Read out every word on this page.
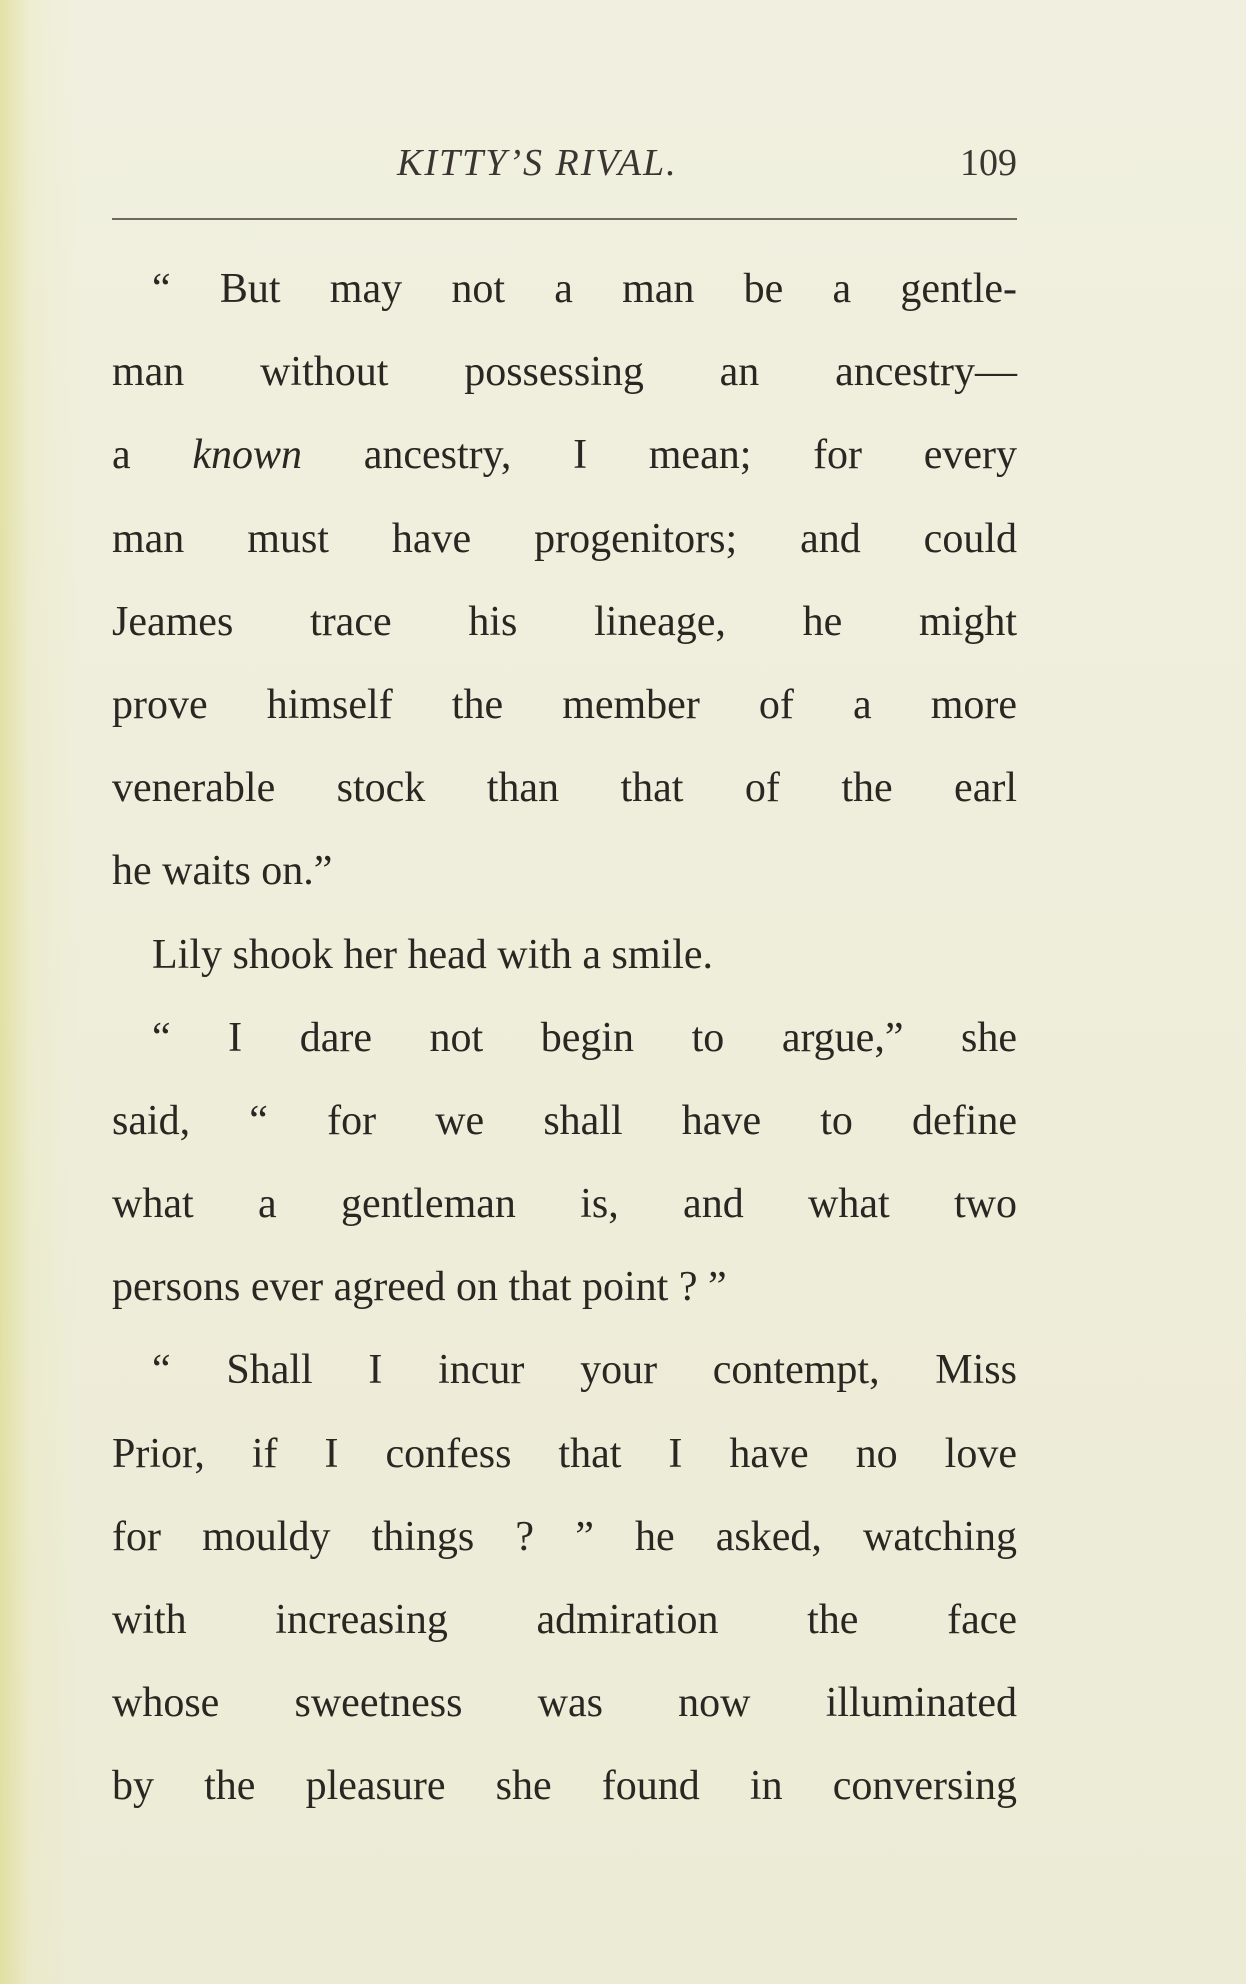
KITTY’S RIVAL.	109
“ But may not a man be a gentle-
man without possessing an ancestry—
a known ancestry, I mean; for every
man must have progenitors; and could
Jeames trace his lineage, he might
prove himself the member of a more
venerable stock than that of the earl
he waits on.”
Lily shook her head with a smile.
“ I dare not begin to argue,” she
said, “ for we shall have to define
what a gentleman is, and what two
persons ever agreed on that point ? ”
“ Shall I incur your contempt, Miss
Prior, if I confess that I have no love
for mouldy things ? ” he asked, watching
with increasing admiration the face
whose sweetness was now illuminated
by the pleasure she found in conversing
